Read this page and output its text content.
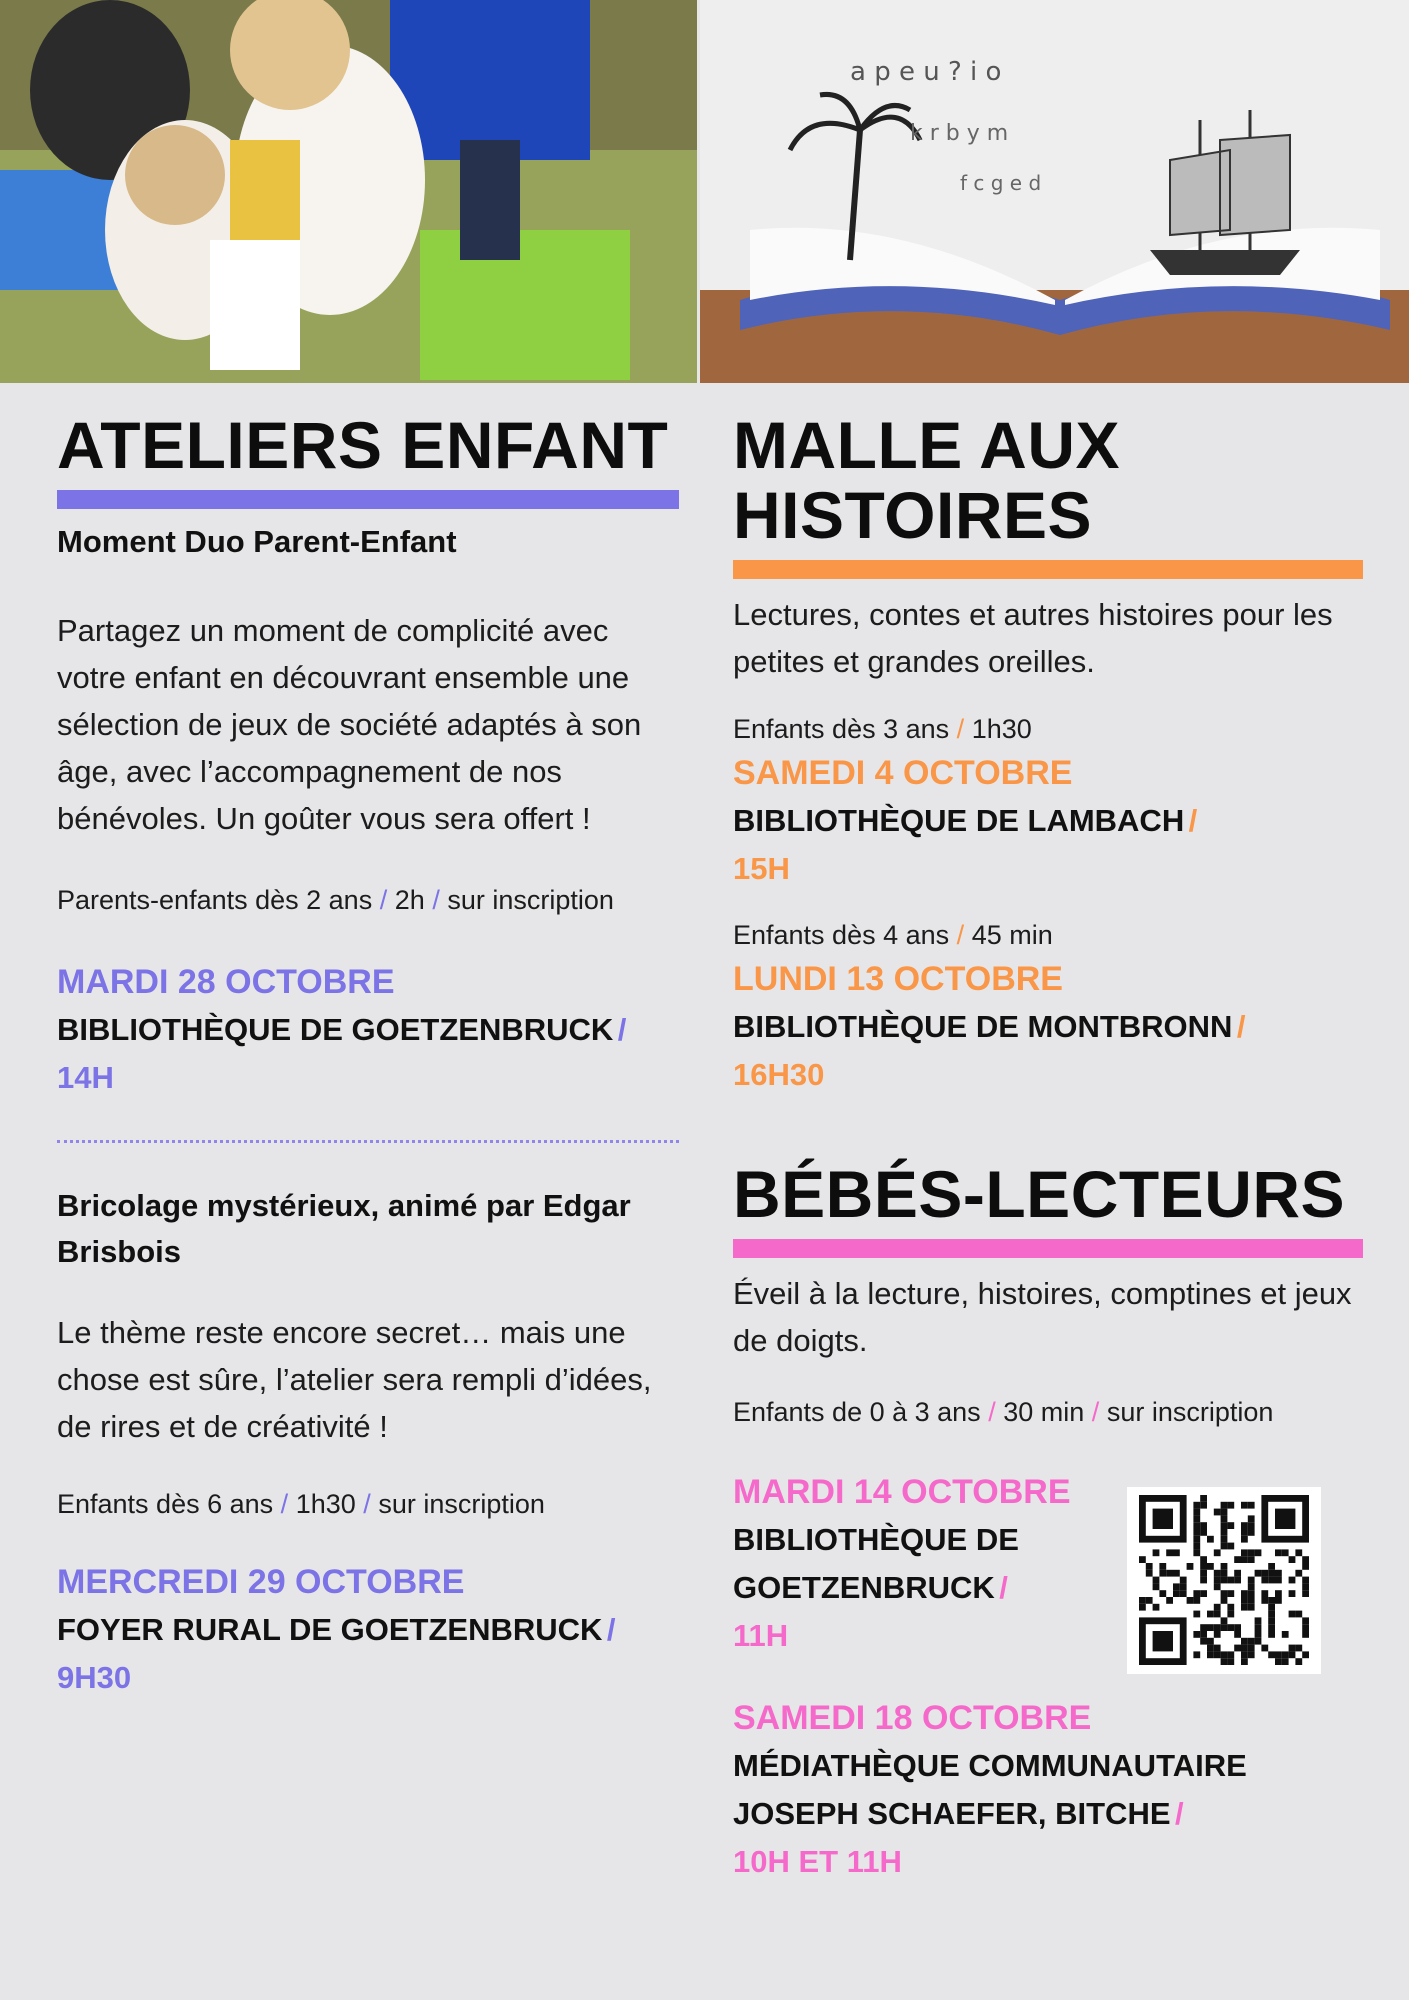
a p e u ? i o
k r b y m
f c g e d
ATELIERS ENFANT
Moment Duo Parent-Enfant
Partagez un moment de complicité avec votre enfant en découvrant ensemble une sélection de jeux de société adaptés à son âge, avec l’accompagnement de nos bénévoles. Un goûter vous sera offert !
Parents-enfants dès 2 ans / 2h / sur inscription
MARDI 28 OCTOBRE
BIBLIOTHÈQUE DE GOETZENBRUCK /
14H
Bricolage mystérieux, animé par Edgar Brisbois
Le thème reste encore secret… mais une chose est sûre, l’atelier sera rempli d’idées, de rires et de créativité !
Enfants dès 6 ans / 1h30 / sur inscription
MERCREDI 29 OCTOBRE
FOYER RURAL DE GOETZENBRUCK /
9H30
MALLE AUX
HISTOIRES
Lectures, contes et autres histoires pour les petites et grandes oreilles.
Enfants dès 3 ans / 1h30
SAMEDI 4 OCTOBRE
BIBLIOTHÈQUE DE LAMBACH /
15H
Enfants dès 4 ans / 45 min
LUNDI 13 OCTOBRE
BIBLIOTHÈQUE DE MONTBRONN /
16H30
BÉBÉS-LECTEURS
Éveil à la lecture, histoires, comptines et jeux de doigts.
Enfants de 0 à 3 ans / 30 min / sur inscription
MARDI 14 OCTOBRE
BIBLIOTHÈQUE DE
GOETZENBRUCK /
11H
SAMEDI 18 OCTOBRE
MÉDIATHÈQUE COMMUNAUTAIRE
JOSEPH SCHAEFER, BITCHE /
10H ET 11H
